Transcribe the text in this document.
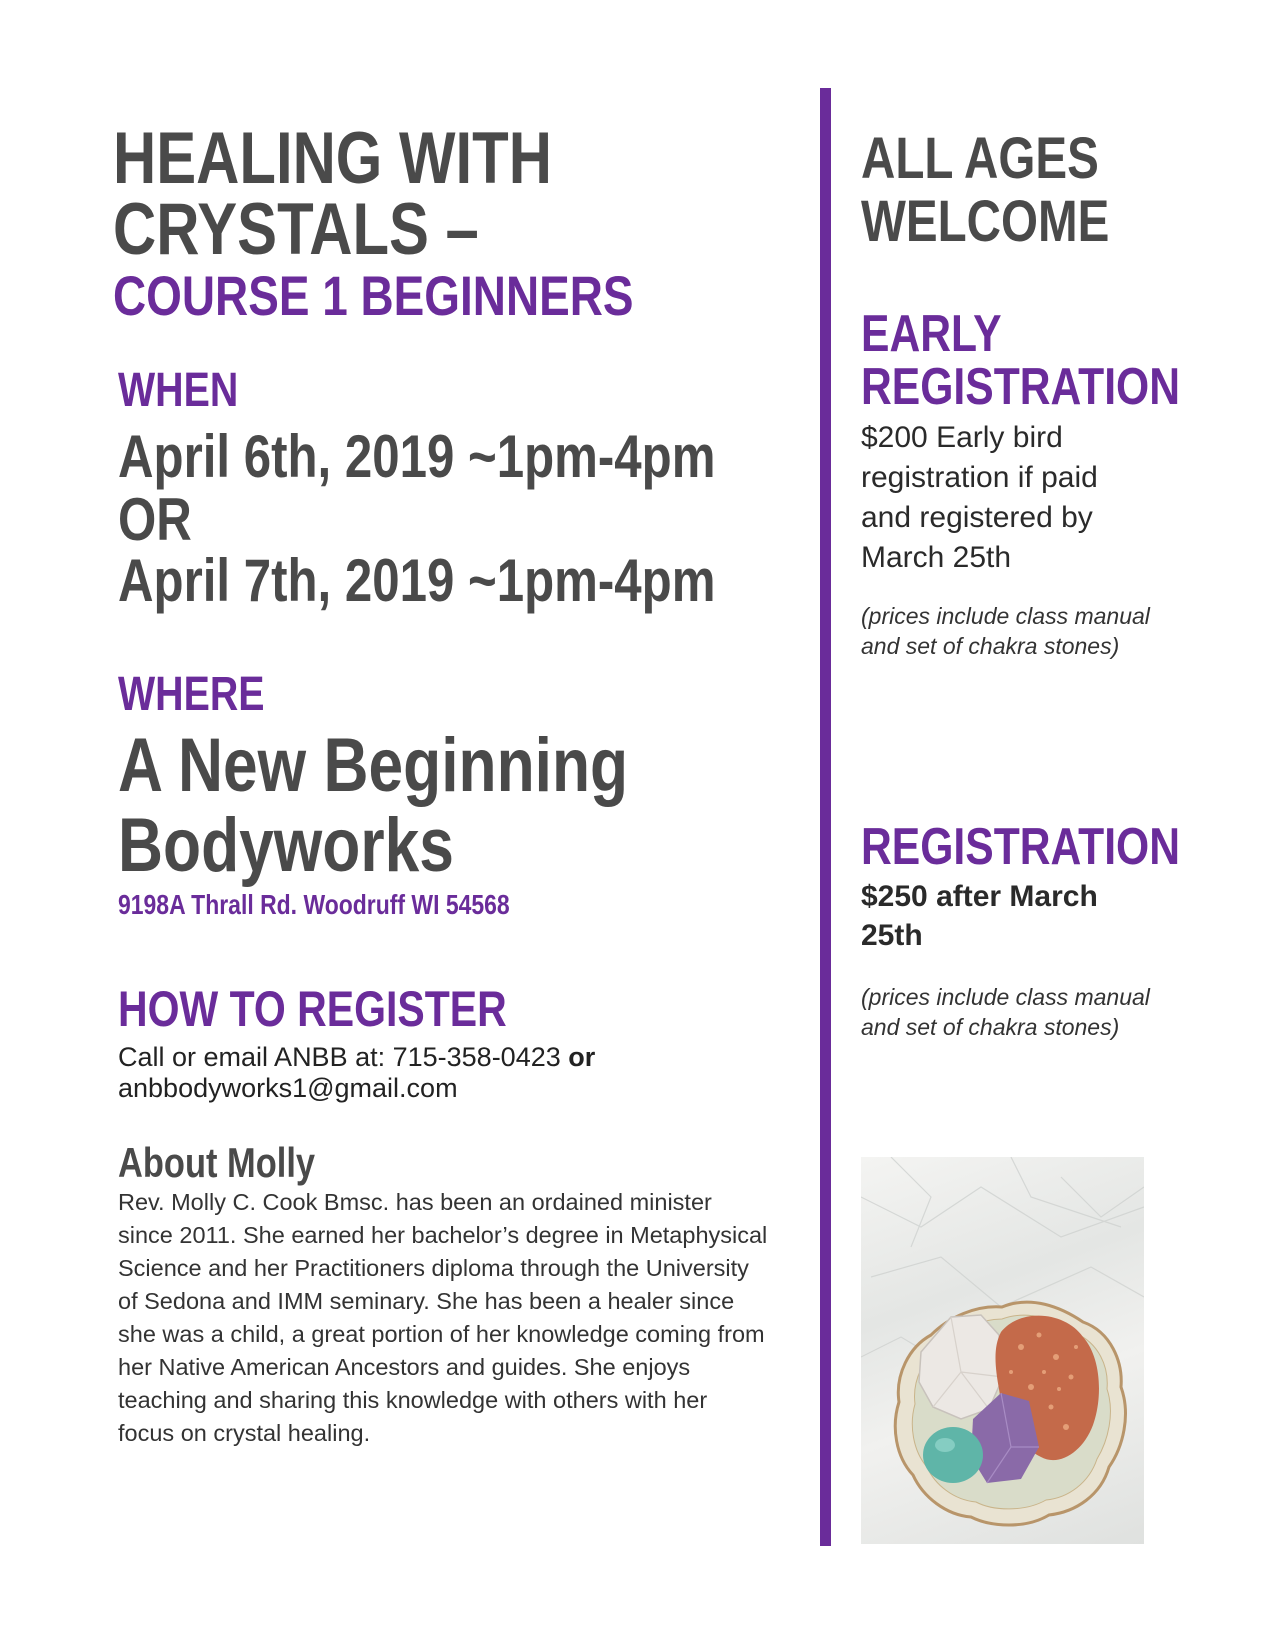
HEALING WITH
CRYSTALS –
COURSE 1 BEGINNERS
WHEN
April 6th, 2019 ~1pm-4pm
OR
April 7th, 2019 ~1pm-4pm
WHERE
A New Beginning
Bodyworks
9198A Thrall Rd. Woodruff WI 54568
HOW TO REGISTER
Call or email ANBB at: 715-358-0423 or
anbbodyworks1@gmail.com
About Molly

Rev. Molly C. Cook Bmsc. has been an ordained minister since 2011. She earned her bachelor’s degree in Metaphysical Science and her Practitioners diploma through the University of Sedona and IMM seminary. She has been a healer since she was a child, a great portion of her knowledge coming from her Native American Ancestors and guides. She enjoys teaching and sharing this knowledge with others with her focus on crystal healing.

ALL AGES
WELCOME
EARLY
REGISTRATION

$200 Early bird registration if paid and registered by March 25th

(prices include class manual and set of chakra stones)

REGISTRATION

$250 after March 25th

(prices include class manual and set of chakra stones)
